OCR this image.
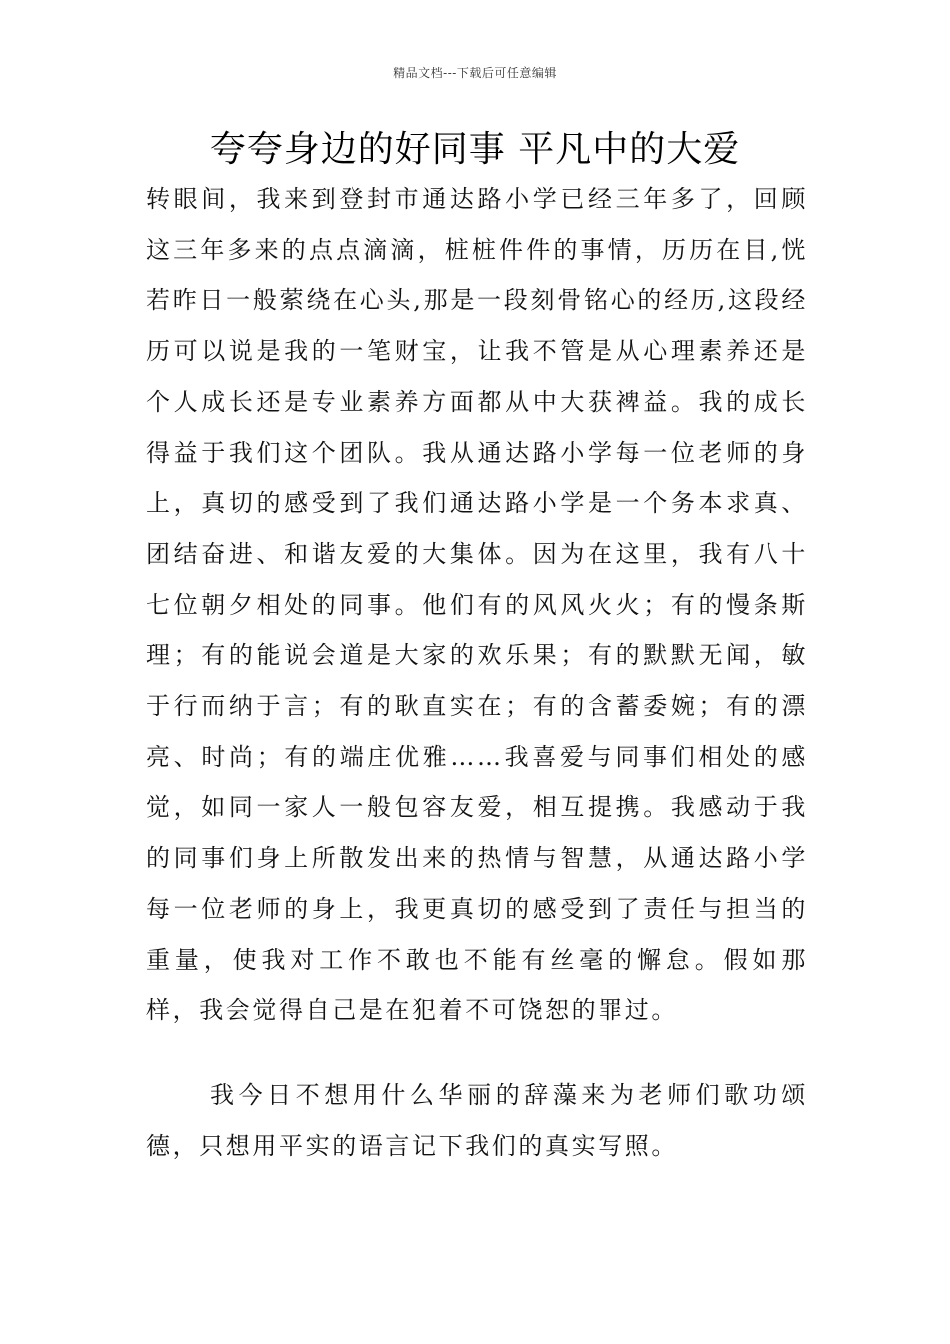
精品文档---下载后可任意编辑
夸夸身边的好同事 平凡中的大爱

转眼间，我来到登封市通达路小学已经三年多了，回顾这三年多来的点点滴滴，桩桩件件的事情，历历在目,恍若昨日一般萦绕在心头,那是一段刻骨铭心的经历,这段经历可以说是我的一笔财宝，让我不管是从心理素养还是个人成长还是专业素养方面都从中大获裨益。我的成长得益于我们这个团队。我从通达路小学每一位老师的身上，真切的感受到了我们通达路小学是一个务本求真、团结奋进、和谐友爱的大集体。因为在这里，我有八十七位朝夕相处的同事。他们有的风风火火；有的慢条斯理；有的能说会道是大家的欢乐果；有的默默无闻，敏于行而纳于言；有的耿直实在；有的含蓄委婉；有的漂亮、时尚；有的端庄优雅……我喜爱与同事们相处的感觉，如同一家人一般包容友爱，相互提携。我感动于我的同事们身上所散发出来的热情与智慧，从通达路小学每一位老师的身上，我更真切的感受到了责任与担当的重量，使我对工作不敢也不能有丝毫的懈怠。假如那样，我会觉得自己是在犯着不可饶恕的罪过。

我今日不想用什么华丽的辞藻来为老师们歌功颂德，只想用平实的语言记下我们的真实写照。
